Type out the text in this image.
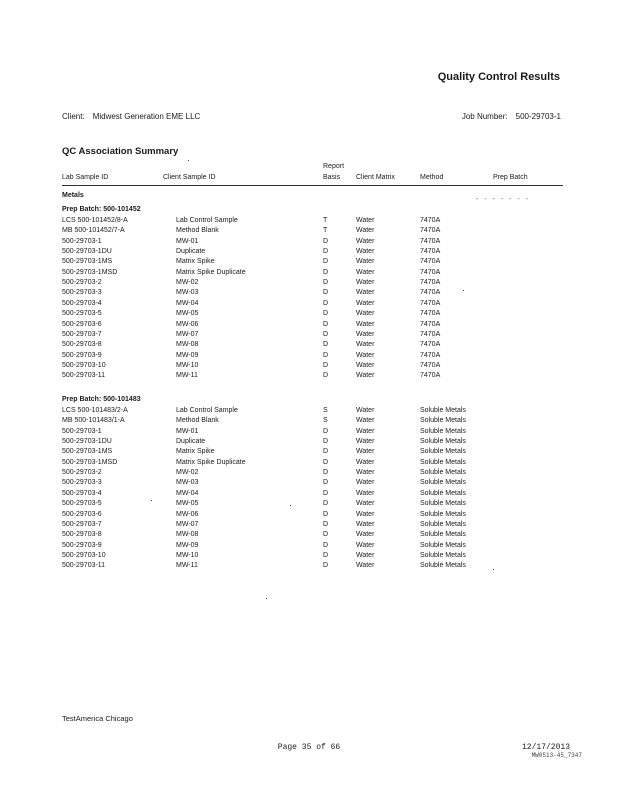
Quality Control Results
Client: Midwest Generation EME LLC	Job Number: 500-29703-1
QC Association Summary
Lab Sample ID	Client Sample ID
Report
Basis Client Matrix	Method	Prep Batch
Metals
- - - - - - -
Prep Batch: 500-101452
LCS 500-101452/8-A	Lab Control Sample	T	Water	7470A
MB 500-101452/7-A	Method Blank	T	Water	7470A
500-29703-1	MW-01	D	Water	7470A
500-29703-1DU	Duplicate	D	Water	7470A
500-29703-1MS	Matrix Spike	D	Water	7470A
500-29703-1MSD	Matrix Spike Duplicate	D	Water	7470A
500-29703-2	MW-02	D	Water	7470A
500-29703-3	MW-03	D	Water	7470A
500-29703-4	MW-04	D	Water	7470A
500-29703-5	MW-05	D	Water	7470A
500-29703-6	MW-06	D	Water	7470A
500-29703-7	MW-07	D	Water	7470A
500-29703-8	MW-08	D	Water	7470A
500-29703-9	MW-09	D	Water	7470A
500-29703-10	MW-10	D	Water	7470A
500-29703-11	MW-11	D	Water	7470A
Prep Batch: 500-101483
LCS 500-101483/2-A	Lab Control Sample	S	Water	Soluble Metals
MB 500-101483/1-A	Method Blank	S	Water	Soluble Metals
500-29703-1	MW-01	D	Water	Soluble Metals
500-29703-1DU	Duplicate	D	Water	Soluble Metals
500-29703-1MS	Matrix Spike	D	Water	Soluble Metals
500-29703-1MSD	Matrix Spike Duplicate	D	Water	Soluble Metals
500-29703-2	MW-02	D	Water	Soluble Metals
500-29703-3	MW-03	D	Water	Soluble Metals
500-29703-4	MW-04	D	Water	Soluble Metals
500-29703-5	MW-05	D	Water	Soluble Metals
500-29703-6	MW-06	D	Water	Soluble Metals
500-29703-7	MW-07	D	Water	Soluble Metals
500-29703-8	MW-08	D	Water	Soluble Metals
500-29703-9	MW-09	D	Water	Soluble Metals
500-29703-10	MW-10	D	Water	Soluble Metals
500-29703-11	MW-11	D	Water	Soluble Metals
TestAmerica Chicago
Page 35 of 66	12/17/2013
MW0513-45_7347
